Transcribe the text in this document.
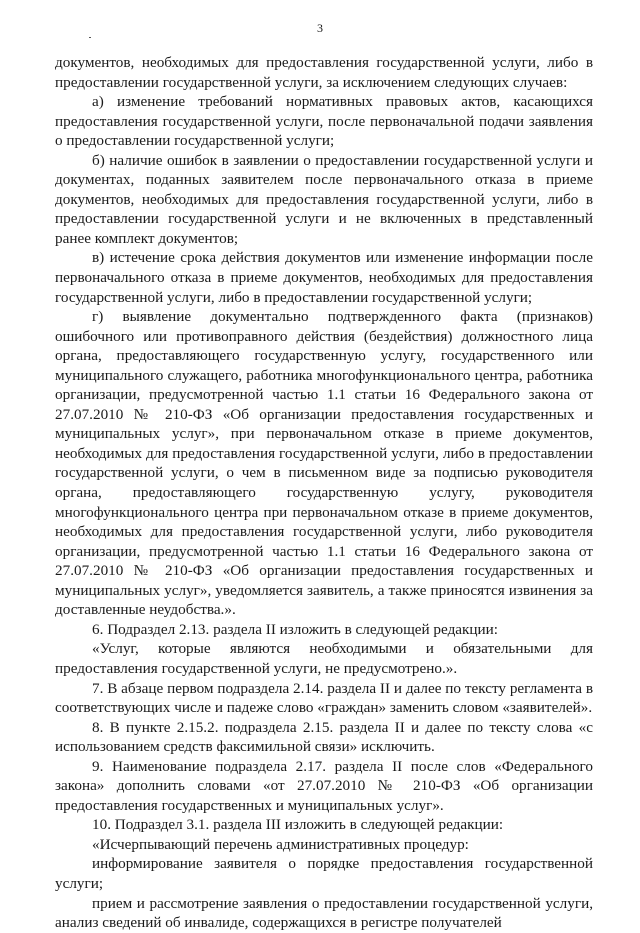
3

документов, необходимых для предоставления государственной услуги, либо в предоставлении государственной услуги, за исключением следующих случаев:

а) изменение требований нормативных правовых актов, касающихся предоставления государственной услуги, после первоначальной подачи заявления о предоставлении государственной услуги;

б) наличие ошибок в заявлении о предоставлении государственной услуги и документах, поданных заявителем после первоначального отказа в приеме документов, необходимых для предоставления государственной услуги, либо в предоставлении государственной услуги и не включенных в представленный ранее комплект документов;

в) истечение срока действия документов или изменение информации после первоначального отказа в приеме документов, необходимых для предоставления государственной услуги, либо в предоставлении государственной услуги;

г) выявление документально подтвержденного факта (признаков) ошибочного или противоправного действия (бездействия) должностного лица органа, предоставляющего государственную услугу, государственного или муниципального служащего, работника многофункционального центра, работника организации, предусмотренной частью 1.1 статьи 16 Федерального закона от 27.07.2010 № 210-ФЗ «Об организации предоставления государственных и муниципальных услуг», при первоначальном отказе в приеме документов, необходимых для предоставления государственной услуги, либо в предоставлении государственной услуги, о чем в письменном виде за подписью руководителя органа, предоставляющего государственную услугу, руководителя многофункционального центра при первоначальном отказе в приеме документов, необходимых для предоставления государственной услуги, либо руководителя организации, предусмотренной частью 1.1 статьи 16 Федерального закона от 27.07.2010 № 210-ФЗ «Об организации предоставления государственных и муниципальных услуг», уведомляется заявитель, а также приносятся извинения за доставленные неудобства.».

6. Подраздел 2.13. раздела II изложить в следующей редакции:

«Услуг, которые являются необходимыми и обязательными для предоставления государственной услуги, не предусмотрено.».

7. В абзаце первом подраздела 2.14. раздела II и далее по тексту регламента в соответствующих числе и падеже слово «граждан» заменить словом «заявителей».

8. В пункте 2.15.2. подраздела 2.15. раздела II и далее по тексту слова «с использованием средств факсимильной связи» исключить.

9. Наименование подраздела 2.17. раздела II после слов «Федерального закона» дополнить словами «от 27.07.2010 № 210-ФЗ «Об организации предоставления государственных и муниципальных услуг».

10. Подраздел 3.1. раздела III изложить в следующей редакции:

«Исчерпывающий перечень административных процедур:

информирование заявителя о порядке предоставления государственной услуги;

прием и рассмотрение заявления о предоставлении государственной услуги, анализ сведений об инвалиде, содержащихся в регистре получателей
